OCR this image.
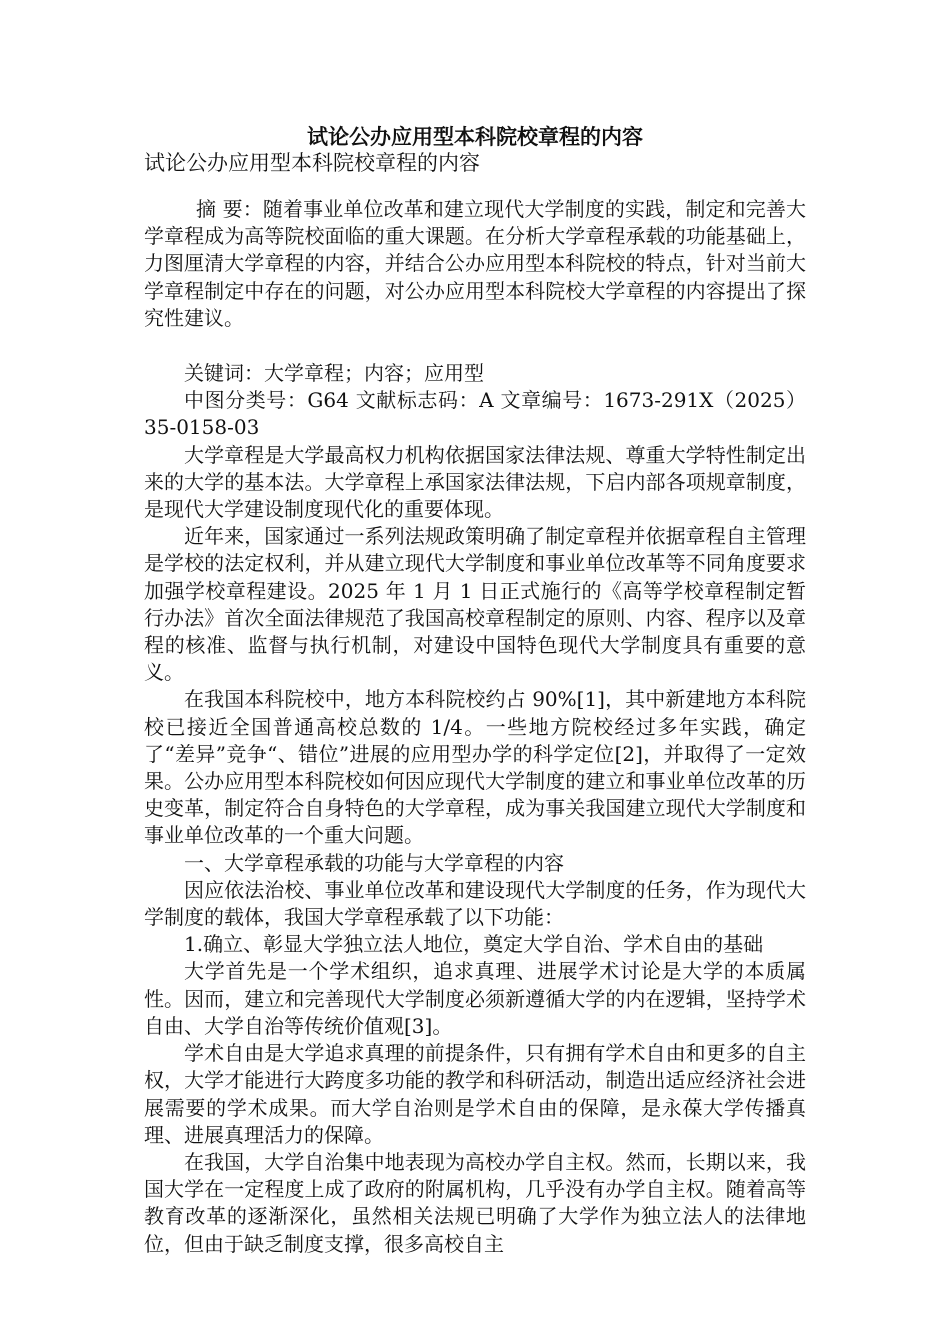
试论公办应用型本科院校章程的内容
试论公办应用型本科院校章程的内容

摘 要：随着事业单位改革和建立现代大学制度的实践，制定和完善大学章程成为高等院校面临的重大课题。在分析大学章程承载的功能基础上，力图厘清大学章程的内容，并结合公办应用型本科院校的特点，针对当前大学章程制定中存在的问题，对公办应用型本科院校大学章程的内容提出了探究性建议。

关键词：大学章程；内容；应用型

中图分类号：G64 文献标志码：A 文章编号：1673-291X（2025）35-0158-03

大学章程是大学最高权力机构依据国家法律法规、尊重大学特性制定出来的大学的基本法。大学章程上承国家法律法规，下启内部各项规章制度，是现代大学建设制度现代化的重要体现。

近年来，国家通过一系列法规政策明确了制定章程并依据章程自主管理是学校的法定权利，并从建立现代大学制度和事业单位改革等不同角度要求加强学校章程建设。2025 年 1 月 1 日正式施行的《高等学校章程制定暂行办法》首次全面法律规范了我国高校章程制定的原则、内容、程序以及章程的核准、监督与执行机制，对建设中国特色现代大学制度具有重要的意义。

在我国本科院校中，地方本科院校约占 90%[1]，其中新建地方本科院校已接近全国普通高校总数的 1/4。一些地方院校经过多年实践，确定了“差异”竞争“、错位”进展的应用型办学的科学定位[2]，并取得了一定效果。公办应用型本科院校如何因应现代大学制度的建立和事业单位改革的历史变革，制定符合自身特色的大学章程，成为事关我国建立现代大学制度和事业单位改革的一个重大问题。

一、大学章程承载的功能与大学章程的内容

因应依法治校、事业单位改革和建设现代大学制度的任务，作为现代大学制度的载体，我国大学章程承载了以下功能：

1.确立、彰显大学独立法人地位，奠定大学自治、学术自由的基础

大学首先是一个学术组织，追求真理、进展学术讨论是大学的本质属性。因而，建立和完善现代大学制度必须新遵循大学的内在逻辑，坚持学术自由、大学自治等传统价值观[3]。

学术自由是大学追求真理的前提条件，只有拥有学术自由和更多的自主权，大学才能进行大跨度多功能的教学和科研活动，制造出适应经济社会进展需要的学术成果。而大学自治则是学术自由的保障，是永葆大学传播真理、进展真理活力的保障。

在我国，大学自治集中地表现为高校办学自主权。然而，长期以来，我国大学在一定程度上成了政府的附属机构，几乎没有办学自主权。随着高等教育改革的逐渐深化，虽然相关法规已明确了大学作为独立法人的法律地位，但由于缺乏制度支撑，很多高校自主
